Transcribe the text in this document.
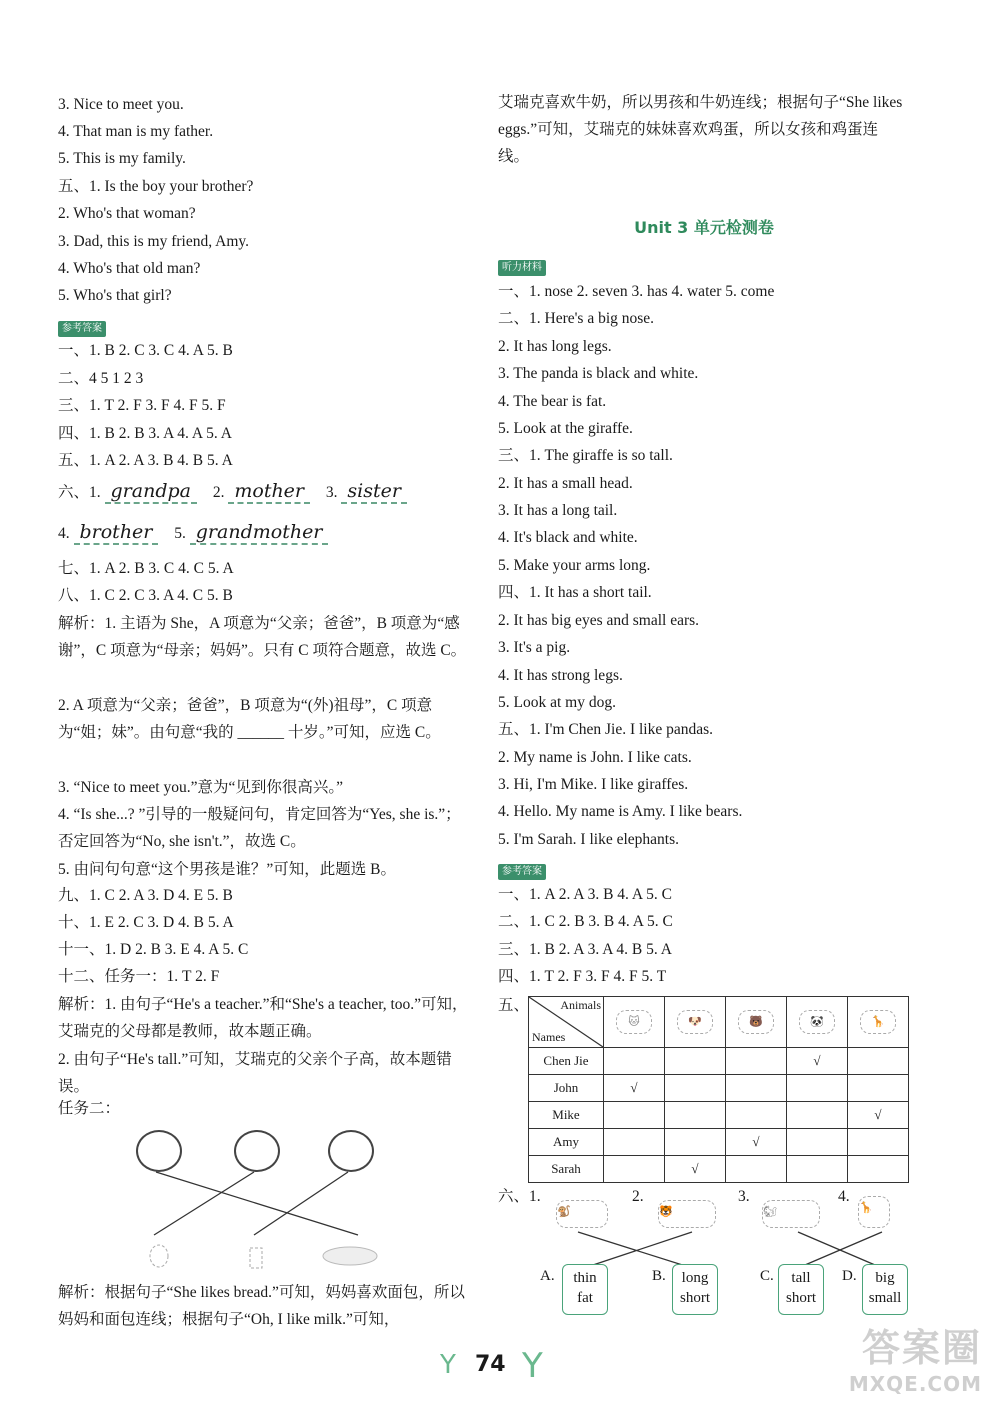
3. Nice to meet you.
4. That man is my father.
5. This is my family.
五、1. Is the boy your brother?
2. Who's that woman?
3. Dad, this is my friend, Amy.
4. Who's that old man?
5. Who's that girl?
参考答案
一、1. B 2. C 3. C 4. A 5. B
二、4 5 1 2 3
三、1. T 2. F 3. F 4. F 5. F
四、1. B 2. B 3. A 4. A 5. A
五、1. A 2. A 3. B 4. B 5. A
六、1. grandpa 2. mother 3. sister
4. brother 5. grandmother
七、1. A 2. B 3. C 4. C 5. A
八、1. C 2. C 3. A 4. C 5. B
解析：1. 主语为 She，A 项意为“父亲；爸爸”，B 项意为“感谢”，C 项意为“母亲；妈妈”。只有 C 项符合题意，故选 C。
2. A 项意为“父亲；爸爸”，B 项意为“(外)祖母”，C 项意为“姐；妹”。由句意“我的 ______ 十岁。”可知，应选 C。
3. “Nice to meet you.”意为“见到你很高兴。”
4. “Is she...? ”引导的一般疑问句，肯定回答为“Yes, she is.”；否定回答为“No, she isn't.”，故选 C。
5. 由问句句意“这个男孩是谁？”可知，此题选 B。
九、1. C 2. A 3. D 4. E 5. B
十、1. E 2. C 3. D 4. B 5. A
十一、1. D 2. B 3. E 4. A 5. C
十二、任务一：1. T 2. F
解析：1. 由句子“He's a teacher.”和“She's a teacher, too.”可知，艾瑞克的父母都是教师，故本题正确。
2. 由句子“He's tall.”可知，艾瑞克的父亲个子高，故本题错误。
任务二：
解析：根据句子“She likes bread.”可知，妈妈喜欢面包，所以妈妈和面包连线；根据句子“Oh, I like milk.”可知，
艾瑞克喜欢牛奶，所以男孩和牛奶连线；根据句子“She likes eggs.”可知，艾瑞克的妹妹喜欢鸡蛋，所以女孩和鸡蛋连线。
Unit 3 单元检测卷
听力材料
一、1. nose 2. seven 3. has 4. water 5. come
二、1. Here's a big nose.
2. It has long legs.
3. The panda is black and white.
4. The bear is fat.
5. Look at the giraffe.
三、1. The giraffe is so tall.
2. It has a small head.
3. It has a long tail.
4. It's black and white.
5. Make your arms long.
四、1. It has a short tail.
2. It has big eyes and small ears.
3. It's a pig.
4. It has strong legs.
5. Look at my dog.
五、1. I'm Chen Jie. I like pandas.
2. My name is John. I like cats.
3. Hi, I'm Mike. I like giraffes.
4. Hello. My name is Amy. I like bears.
5. I'm Sarah. I like elephants.
参考答案
一、1. A 2. A 3. B 4. A 5. C
二、1. C 2. B 3. B 4. A 5. C
三、1. B 2. A 3. A 4. B 5. A
四、1. T 2. F 3. F 4. F 5. T
五、	Animals
Names	🐱	🐶	🐻	🐼	🦒
Chen Jie				√	
John	√				
Mike					√
Amy			√		
Sarah		√			
六、1.	2.	3.	4.
🐒	🐯	🐿	🦒
A.	thin
fat
B.	long
short
C.	tall
short
D.	big
small
Y 74 Y	答案圈
MXQE.COM
